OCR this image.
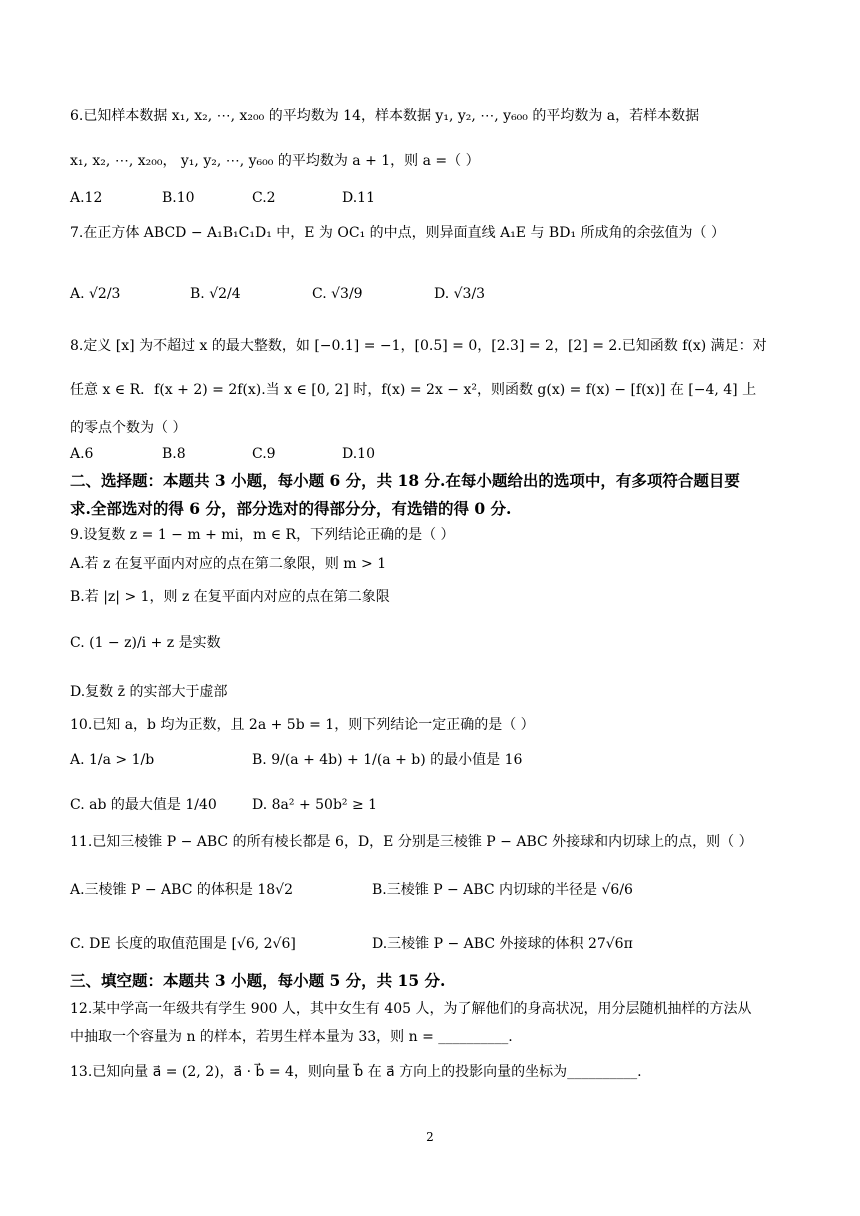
6.已知样本数据 x₁, x₂, ⋯, x₂₀₀ 的平均数为 14，样本数据 y₁, y₂, ⋯, y₆₀₀ 的平均数为 a，若样本数据
x₁, x₂, ⋯, x₂₀₀， y₁, y₂, ⋯, y₆₀₀ 的平均数为 a + 1，则 a =（ ）
A.12	B.10	C.2	D.11
7.在正方体 ABCD − A₁B₁C₁D₁ 中，E 为 OC₁ 的中点，则异面直线 A₁E 与 BD₁ 所成角的余弦值为（ ）
A. √2/3	B. √2/4	C. √3/9	D. √3/3
8.定义 [x] 为不超过 x 的最大整数，如 [−0.1] = −1，[0.5] = 0，[2.3] = 2，[2] = 2.已知函数 f(x) 满足：对
任意 x ∈ R．f(x + 2) = 2f(x).当 x ∈ [0, 2] 时，f(x) = 2x − x²，则函数 g(x) = f(x) − [f(x)] 在 [−4, 4] 上
的零点个数为（ ）
A.6	B.8	C.9	D.10
二、选择题：本题共 3 小题，每小题 6 分，共 18 分.在每小题给出的选项中，有多项符合题目要
求.全部选对的得 6 分，部分选对的得部分分，有选错的得 0 分.
9.设复数 z = 1 − m + mi，m ∈ R，下列结论正确的是（ ）
A.若 z 在复平面内对应的点在第二象限，则 m > 1
B.若 |z| > 1，则 z 在复平面内对应的点在第二象限
C. (1 − z)/i + z 是实数
D.复数 z̄ 的实部大于虚部
10.已知 a，b 均为正数，且 2a + 5b = 1，则下列结论一定正确的是（ ）
A. 1/a > 1/b	B. 9/(a + 4b) + 1/(a + b) 的最小值是 16
C. ab 的最大值是 1/40	D. 8a² + 50b² ≥ 1
11.已知三棱锥 P − ABC 的所有棱长都是 6，D，E 分别是三棱锥 P − ABC 外接球和内切球上的点，则（ ）
A.三棱锥 P − ABC 的体积是 18√2	B.三棱锥 P − ABC 内切球的半径是 √6/6
C. DE 长度的取值范围是 [√6, 2√6]	D.三棱锥 P − ABC 外接球的体积 27√6π
三、填空题：本题共 3 小题，每小题 5 分，共 15 分.
12.某中学高一年级共有学生 900 人，其中女生有 405 人，为了解他们的身高状况，用分层随机抽样的方法从
中抽取一个容量为 n 的样本，若男生样本量为 33，则 n = __________.
13.已知向量 a⃗ = (2, 2)，a⃗ · b⃗ = 4，则向量 b⃗ 在 a⃗ 方向上的投影向量的坐标为__________.
2
